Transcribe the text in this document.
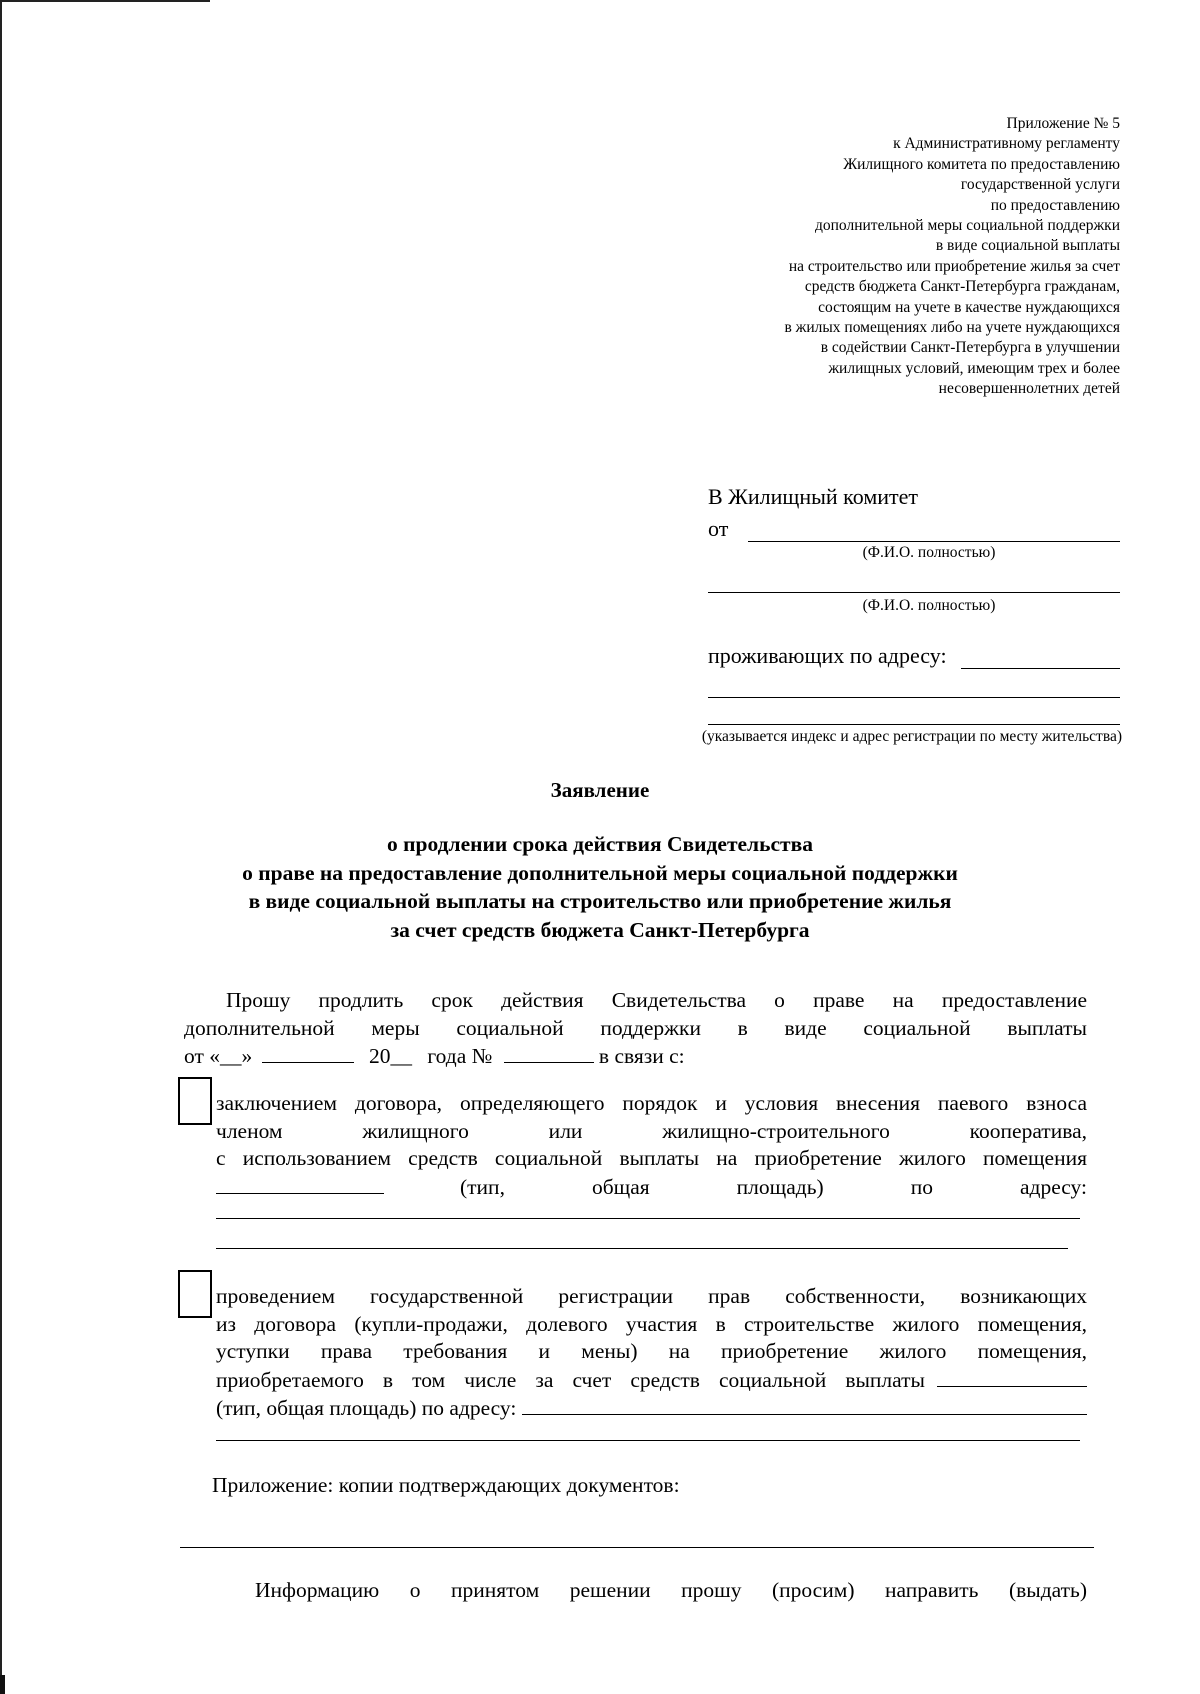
Приложение № 5
к Административному регламенту
Жилищного комитета по предоставлению
государственной услуги
по предоставлению
дополнительной меры социальной поддержки
в виде социальной выплаты
на строительство или приобретение жилья за счет
средств бюджета Санкт-Петербурга гражданам,
состоящим на учете в качестве нуждающихся
в жилых помещениях либо на учете нуждающихся
в содействии Санкт-Петербурга в улучшении
жилищных условий, имеющим трех и более
несовершеннолетних детей
В Жилищный комитет
от
(Ф.И.О. полностью)
(Ф.И.О. полностью)
проживающих по адресу:
(указывается индекс и адрес регистрации по месту жительства)
Заявление
о продлении срока действия Свидетельства
о праве на предоставление дополнительной меры социальной поддержки
в виде социальной выплаты на строительство или приобретение жилья
за счет средств бюджета Санкт-Петербурга
Прошу продлить срок действия Свидетельства о праве на предоставление
дополнительной меры социальной поддержки в виде социальной выплаты
от «__»	20__ года №	в связи с:
заключением договора, определяющего порядок и условия внесения паевого взноса
членом жилищного или жилищно-строительного кооператива,
с использованием средств социальной выплаты на приобретение жилого помещения
(тип, общая площадь) по адресу:
проведением государственной регистрации прав собственности, возникающих
из договора (купли-продажи, долевого участия в строительстве жилого помещения,
уступки права требования и мены) на приобретение жилого помещения,
приобретаемого в том числе за счет средств социальной выплаты
(тип, общая площадь) по адресу:
Приложение: копии подтверждающих документов:
Информацию о принятом решении прошу (просим) направить (выдать)
